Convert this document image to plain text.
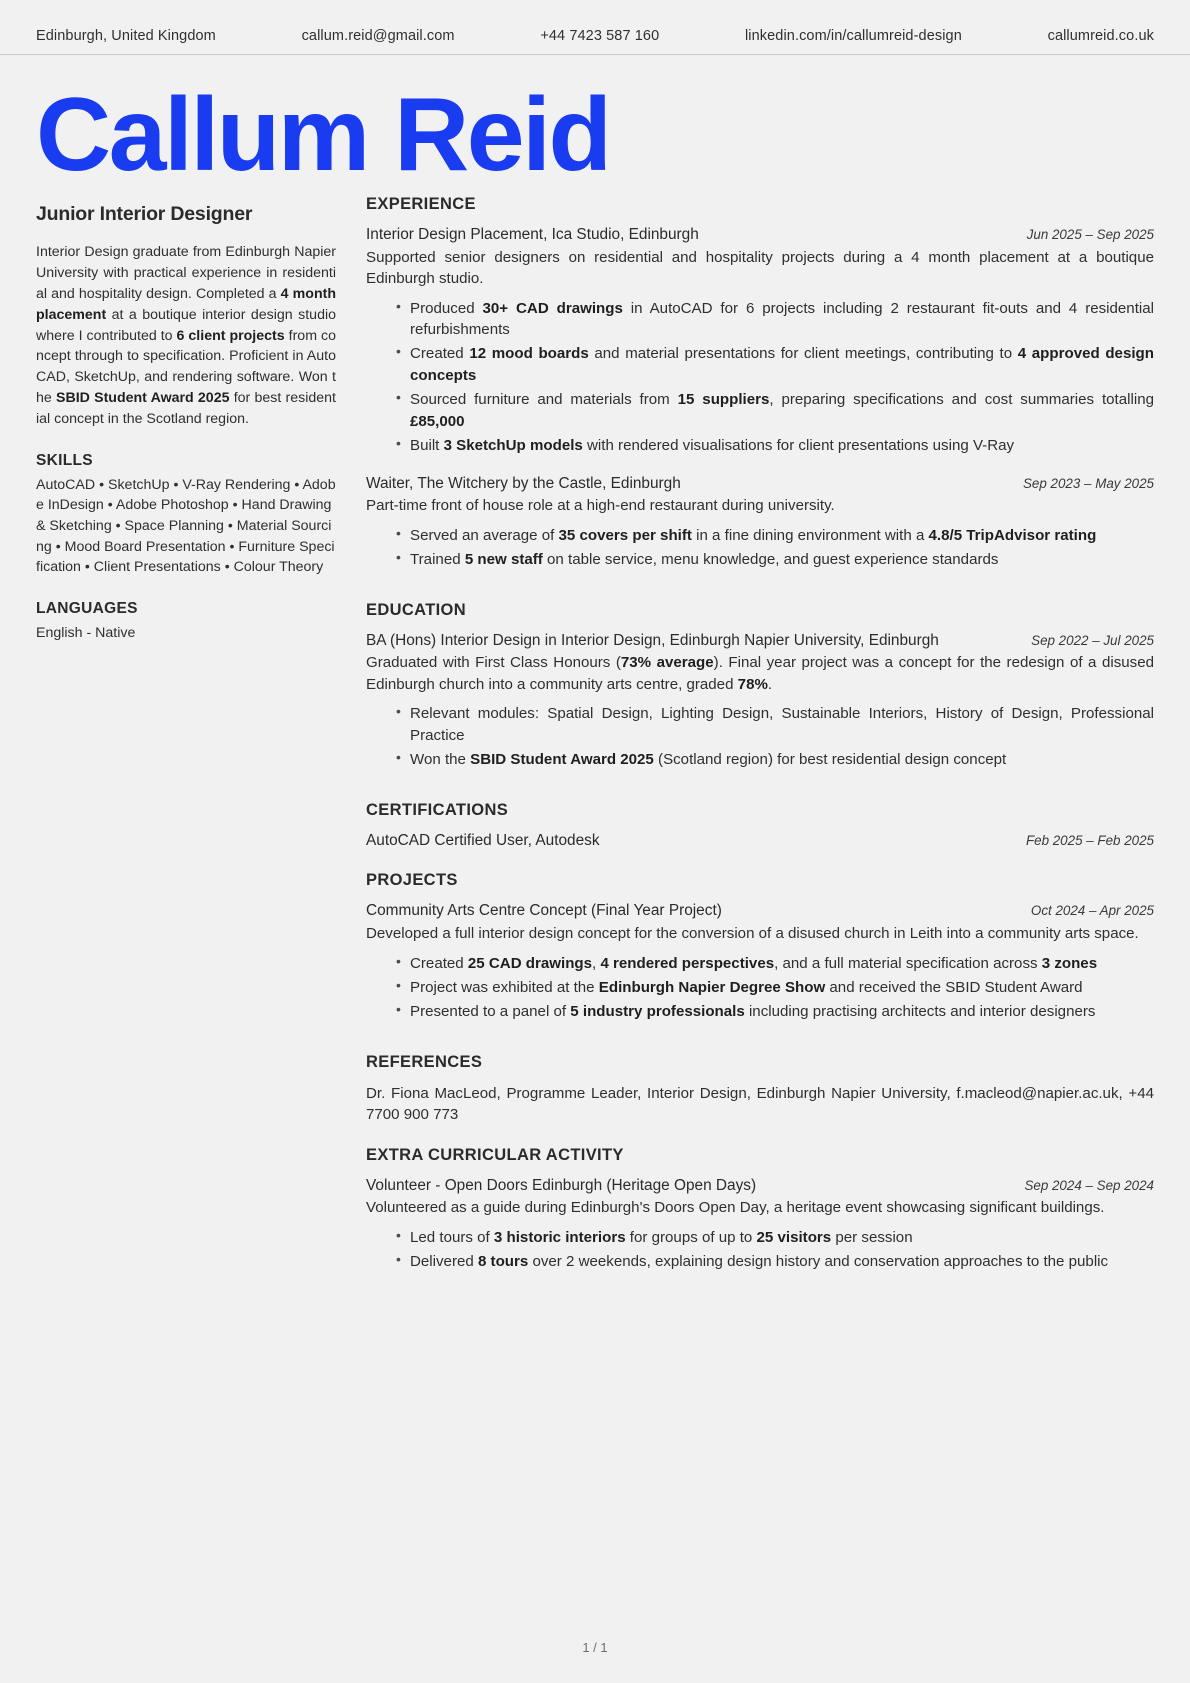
Edinburgh, United Kingdom	callum.reid@gmail.com	+44 7423 587 160	linkedin.com/in/callumreid-design	callumreid.co.uk
Callum Reid
Junior Interior Designer
Interior Design graduate from Edinburgh Napier University with practical experience in residential and hospitality design. Completed a 4 month placement at a boutique interior design studio where I contributed to 6 client projects from concept through to specification. Proficient in AutoCAD, SketchUp, and rendering software. Won the SBID Student Award 2025 for best residential concept in the Scotland region.
SKILLS
AutoCAD • SketchUp • V-Ray Rendering • Adobe InDesign • Adobe Photoshop • Hand Drawing & Sketching • Space Planning • Material Sourcing • Mood Board Presentation • Furniture Specification • Client Presentations • Colour Theory
LANGUAGES
English - Native
EXPERIENCE
Interior Design Placement, Ica Studio, Edinburgh	Jun 2025 – Sep 2025
Supported senior designers on residential and hospitality projects during a 4 month placement at a boutique Edinburgh studio.
• Produced 30+ CAD drawings in AutoCAD for 6 projects including 2 restaurant fit-outs and 4 residential refurbishments
• Created 12 mood boards and material presentations for client meetings, contributing to 4 approved design concepts
• Sourced furniture and materials from 15 suppliers, preparing specifications and cost summaries totalling £85,000
• Built 3 SketchUp models with rendered visualisations for client presentations using V-Ray
Waiter, The Witchery by the Castle, Edinburgh	Sep 2023 – May 2025
Part-time front of house role at a high-end restaurant during university.
• Served an average of 35 covers per shift in a fine dining environment with a 4.8/5 TripAdvisor rating
• Trained 5 new staff on table service, menu knowledge, and guest experience standards
EDUCATION
BA (Hons) Interior Design in Interior Design, Edinburgh Napier University, Edinburgh	Sep 2022 – Jul 2025
Graduated with First Class Honours (73% average). Final year project was a concept for the redesign of a disused Edinburgh church into a community arts centre, graded 78%.
• Relevant modules: Spatial Design, Lighting Design, Sustainable Interiors, History of Design, Professional Practice
• Won the SBID Student Award 2025 (Scotland region) for best residential design concept
CERTIFICATIONS
AutoCAD Certified User, Autodesk	Feb 2025 – Feb 2025
PROJECTS
Community Arts Centre Concept (Final Year Project)	Oct 2024 – Apr 2025
Developed a full interior design concept for the conversion of a disused church in Leith into a community arts space.
• Created 25 CAD drawings, 4 rendered perspectives, and a full material specification across 3 zones
• Project was exhibited at the Edinburgh Napier Degree Show and received the SBID Student Award
• Presented to a panel of 5 industry professionals including practising architects and interior designers
REFERENCES
Dr. Fiona MacLeod, Programme Leader, Interior Design, Edinburgh Napier University, f.macleod@napier.ac.uk, +44 7700 900 773
EXTRA CURRICULAR ACTIVITY
Volunteer - Open Doors Edinburgh (Heritage Open Days)	Sep 2024 – Sep 2024
Volunteered as a guide during Edinburgh's Doors Open Day, a heritage event showcasing significant buildings.
• Led tours of 3 historic interiors for groups of up to 25 visitors per session
• Delivered 8 tours over 2 weekends, explaining design history and conservation approaches to the public
1 / 1
